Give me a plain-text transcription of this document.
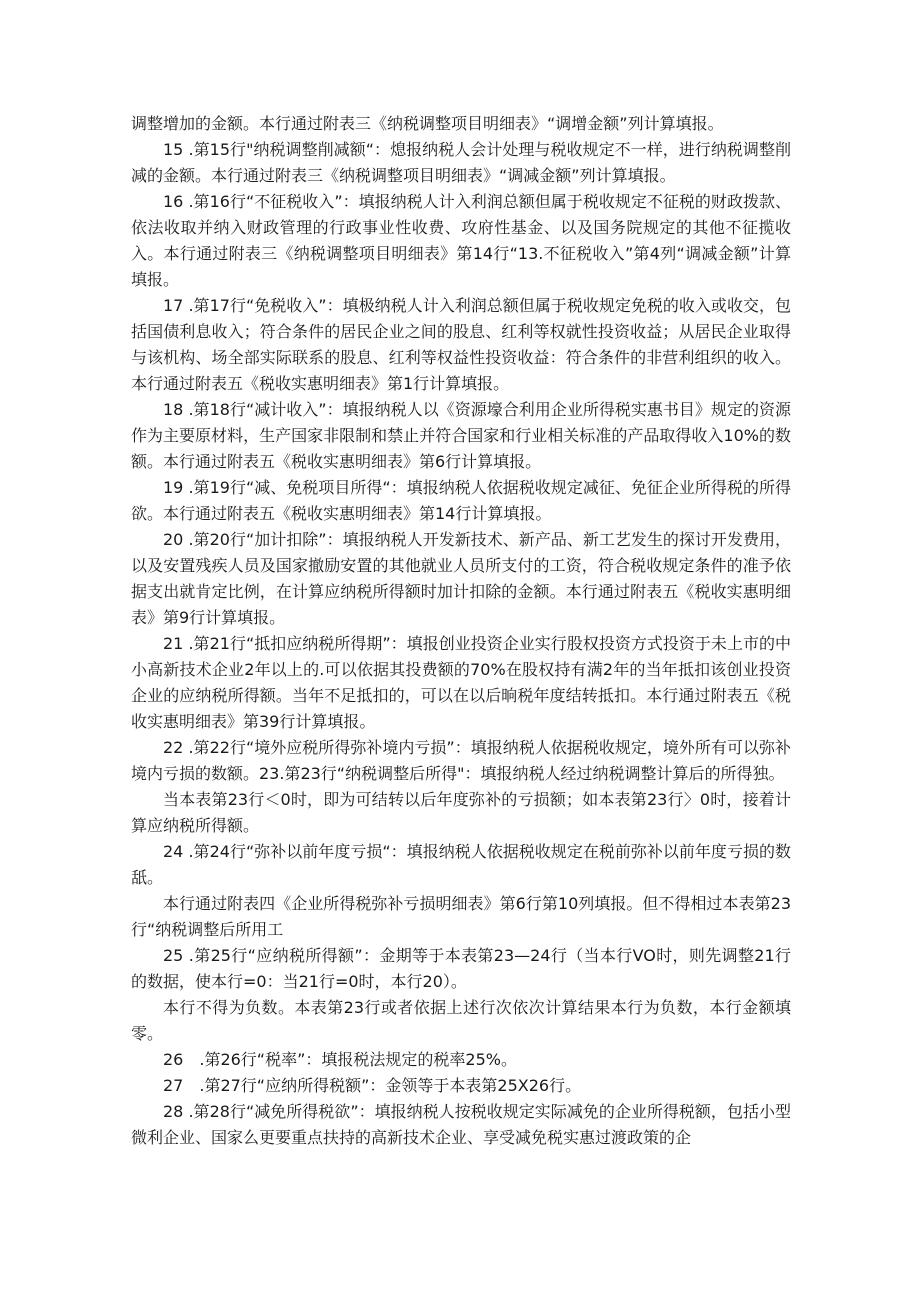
调整增加的金额。本行通过附表三《纳税调整项目明细表》“调增金额”列计算填报。

15 .第15行"纳税调整削减额“：熄报纳税人会计处理与税收规定不一样，进行纳税调整削减的金额。本行通过附表三《纳税调整项目明细表》“调减金额”列计算填报。

16 .第16行“不征税收入”：填报纳税人计入利润总额但属于税收规定不征税的财政拨款、依法收取并纳入财政管理的行政事业性收费、攻府性基金、以及国务院规定的其他不征揽收入。本行通过附表三《纳税调整项目明细表》第14行“13.不征税收入”第4列“调减金额”计算填报。

17 .第17行“免税收入”：填极纳税人计入利润总额但属于税收规定免税的收入或收交，包括国债利息收入；符合条件的居民企业之间的股息、红利等权就性投资收益；从居民企业取得与该机构、场全部实际联系的股息、红利等权益性投资收益：符合条件的非营利组织的收入。本行通过附表五《税收实惠明细表》第1行计算填报。

18 .第18行“减计收入”：填报纳税人以《资源壕合利用企业所得税实惠书目》规定的资源作为主要原材料，生产国家非限制和禁止并符合国家和行业相关标准的产品取得收入10%的数额。本行通过附表五《税收实惠明细表》第6行计算填报。

19 .第19行“减、免税项目所得“：填报纳税人依据税收规定减征、免征企业所得税的所得欲。本行通过附表五《税收实惠明细表》第14行计算填报。

20 .第20行“加计扣除”：填报纳税人开发新技术、新产品、新工艺发生的探讨开发费用，以及安置残疾人员及国家撤励安置的其他就业人员所支付的工资，符合税收规定条件的准予依据支出就肯定比例，在计算应纳税所得额时加计扣除的金额。本行通过附表五《税收实惠明细表》第9行计算填报。

21 .第21行“抵扣应纳税所得期”：填报创业投资企业实行股权投资方式投资于未上市的中小高新技术企业2年以上的.可以依据其投费额的70%在股权持有满2年的当年抵扣该创业投资企业的应纳税所得额。当年不足抵扣的，可以在以后晌税年度结转抵扣。本行通过附表五《税收实惠明细表》第39行计算填报。

22 .第22行“境外应税所得弥补境内亏损”：填报纳税人依据税收规定，境外所有可以弥补境内亏损的数额。23.第23行“纳税调整后所得"：填报纳税人经过纳税调整计算后的所得独。

当本表第23行＜0时，即为可结转以后年度弥补的亏损额；如本表第23行〉0时，接着计算应纳税所得额。

24 .第24行“弥补以前年度亏损“：填报纳税人依据税收规定在税前弥补以前年度亏损的数舐。

本行通过附表四《企业所得税弥补亏损明细表》第6行第10列填报。但不得相过本表第23行“纳税调整后所用工

25 .第25行“应纳税所得额”：金期等于本表第23—24行（当本行VO时，则先调整21行的数据，使本行=0：当21行=0时，本行20）。

本行不得为负数。本表第23行或者依据上述行次依次计算结果本行为负数，本行金额填零。

26　.第26行“税率”：填报税法规定的税率25%。

27　.第27行“应纳所得税额”：金领等于本表第25X26行。

28 .第28行“减免所得税欲”：填报纳税人按税收规定实际减免的企业所得税额，包括小型微利企业、国家么更要重点扶持的高新技术企业、享受减免税实惠过渡政策的企
